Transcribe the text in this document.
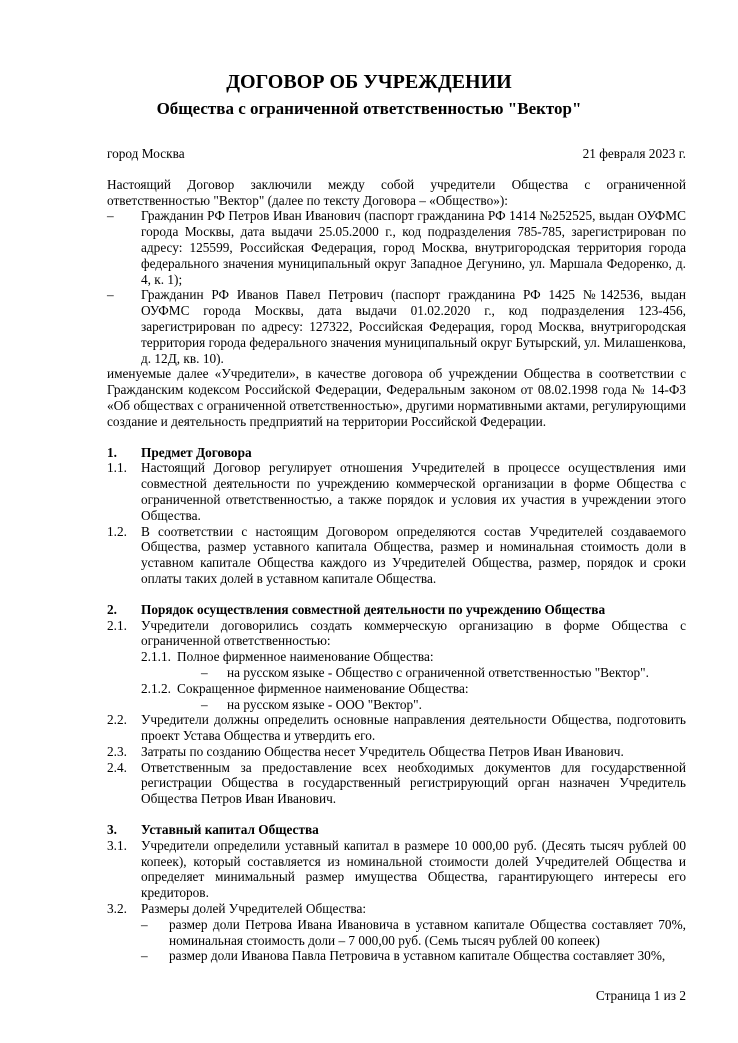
ДОГОВОР ОБ УЧРЕЖДЕНИИ
Общества с ограниченной ответственностью "Вектор"
город Москва	21 февраля 2023 г.

Настоящий Договор заключили между собой учредители Общества с ограниченной ответственностью "Вектор" (далее по тексту Договора – «Общество»):

–	Гражданин РФ Петров Иван Иванович (паспорт гражданина РФ 1414 №252525, выдан ОУФМС города Москвы, дата выдачи 25.05.2000 г., код подразделения 785-785, зарегистрирован по адресу: 125599, Российская Федерация, город Москва, внутригородская территория города федерального значения муниципальный округ Западное Дегунино, ул. Маршала Федоренко, д. 4, к. 1);
–	Гражданин РФ Иванов Павел Петрович (паспорт гражданина РФ 1425 №142536, выдан ОУФМС города Москвы, дата выдачи 01.02.2020 г., код подразделения 123-456, зарегистрирован по адресу: 127322, Российская Федерация, город Москва, внутригородская территория города федерального значения муниципальный округ Бутырский, ул. Милашенкова, д. 12Д, кв. 10).

именуемые далее «Учредители», в качестве договора об учреждении Общества в соответствии с Гражданским кодексом Российской Федерации, Федеральным законом от 08.02.1998 года № 14-ФЗ «Об обществах с ограниченной ответственностью», другими нормативными актами, регулирующими создание и деятельность предприятий на территории Российской Федерации.

1.	Предмет Договора
1.1.	Настоящий Договор регулирует отношения Учредителей в процессе осуществления ими совместной деятельности по учреждению коммерческой организации в форме Общества с ограниченной ответственностью, а также порядок и условия их участия в учреждении этого Общества.
1.2.	В соответствии с настоящим Договором определяются состав Учредителей создаваемого Общества, размер уставного капитала Общества, размер и номинальная стоимость доли в уставном капитале Общества каждого из Учредителей Общества, размер, порядок и сроки оплаты таких долей в уставном капитале Общества.
2.	Порядок осуществления совместной деятельности по учреждению Общества
2.1.	Учредители договорились создать коммерческую организацию в форме Общества с ограниченной ответственностью:
2.1.1. Полное фирменное наименование Общества:
–	на русском языке - Общество с ограниченной ответственностью "Вектор".
2.1.2. Сокращенное фирменное наименование Общества:
–	на русском языке - ООО "Вектор".
2.2.	Учредители должны определить основные направления деятельности Общества, подготовить проект Устава Общества и утвердить его.
2.3.	Затраты по созданию Общества несет Учредитель Общества Петров Иван Иванович.
2.4.	Ответственным за предоставление всех необходимых документов для государственной регистрации Общества в государственный регистрирующий орган назначен Учредитель Общества Петров Иван Иванович.
3.	Уставный капитал Общества
3.1.	Учредители определили уставный капитал в размере 10 000,00 руб. (Десять тысяч рублей 00 копеек), который составляется из номинальной стоимости долей Учредителей Общества и определяет минимальный размер имущества Общества, гарантирующего интересы его кредиторов.
3.2.	Размеры долей Учредителей Общества:
–	размер доли Петрова Ивана Ивановича в уставном капитале Общества составляет 70%, номинальная стоимость доли – 7 000,00 руб. (Семь тысяч рублей 00 копеек)
–	размер доли Иванова Павла Петровича в уставном капитале Общества составляет 30%,
Страница 1 из 2
